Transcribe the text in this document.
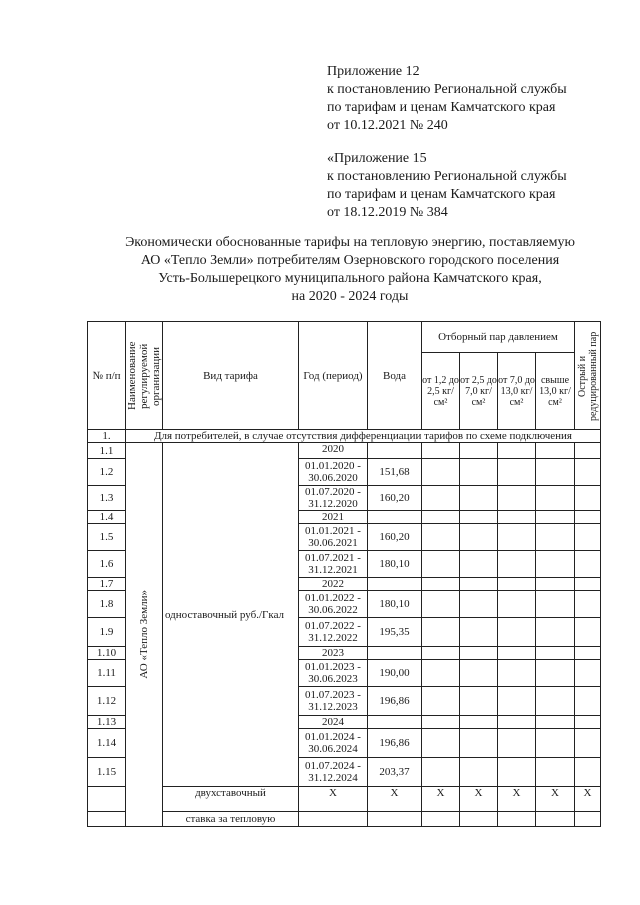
Приложение 12
к постановлению Региональной службы
по тарифам и ценам Камчатского края
от 10.12.2021 № 240
«Приложение 15
к постановлению Региональной службы
по тарифам и ценам Камчатского края
от 18.12.2019 № 384
Экономически обоснованные тарифы на тепловую энергию, поставляемую
АО «Тепло Земли» потребителям Озерновского городского поселения
Усть-Большерецкого муниципального района Камчатского края,
на 2020 - 2024 годы
№ п/п	Наименование регулируемой организации	Вид тарифа	Год (период)	Вода	Отборный пар давлением				Острый и редуцированный пар

					от 1,2 до 2,5 кг/см²	от 2,5 до 7,0 кг/см²	от 7,0 до 13,0 кг/см²	свыше 13,0 кг/см²	
1.	Для потребителей, в случае отсутствия дифференциации тарифов по схеме подключения								
1.1	АО «Тепло Земли»	одноставочный руб./Гкал	2020						
1.2			01.01.2020 - 30.06.2020	151,68					
1.3			01.07.2020 - 31.12.2020	160,20					
1.4			2021						
1.5			01.01.2021 - 30.06.2021	160,20					
1.6			01.07.2021 - 31.12.2021	180,10					
1.7			2022						
1.8			01.01.2022 - 30.06.2022	180,10					
1.9			01.07.2022 - 31.12.2022	195,35					
1.10			2023						
1.11			01.01.2023 - 30.06.2023	190,00					
1.12			01.07.2023 - 31.12.2023	196,86					
1.13			2024						
1.14			01.01.2024 - 30.06.2024	196,86					
1.15			01.07.2024 - 31.12.2024	203,37					
		двухставочный	X	X	X	X	X	X	X
		ставка за тепловую							
